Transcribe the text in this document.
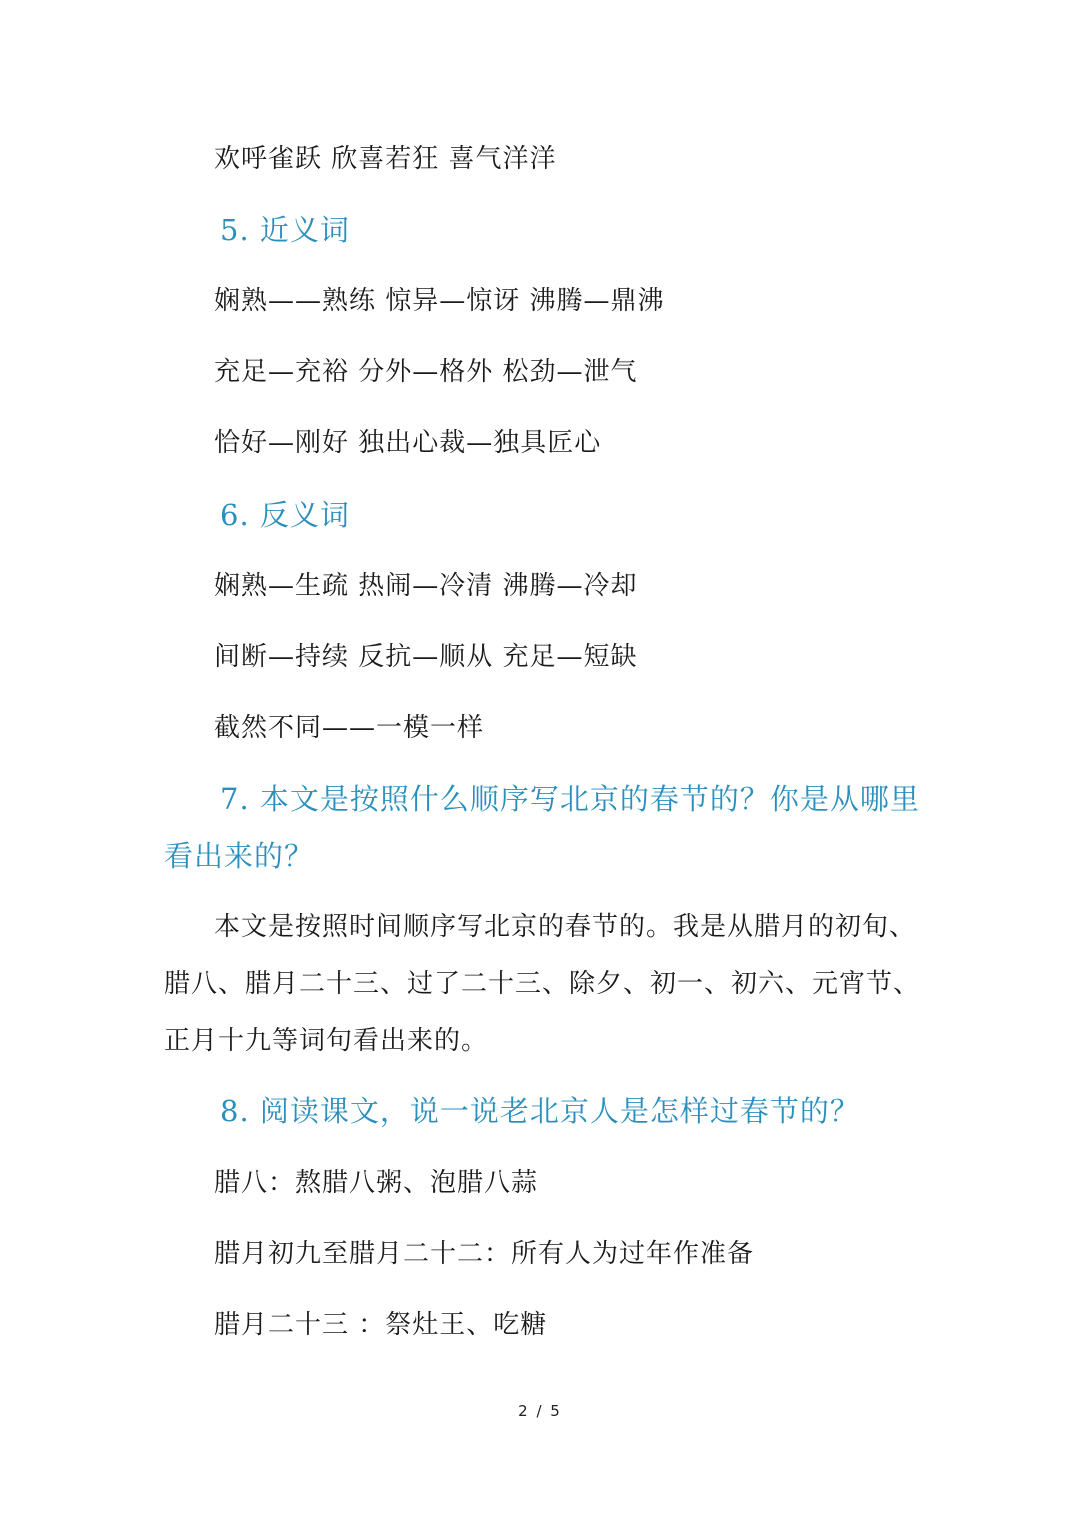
欢呼雀跃 欣喜若狂 喜气洋洋
5. 近义词
娴熟——熟练 惊异—惊讶 沸腾—鼎沸
充足—充裕 分外—格外 松劲—泄气
恰好—刚好 独出心裁—独具匠心
6. 反义词
娴熟—生疏 热闹—冷清 沸腾—冷却
间断—持续 反抗—顺从 充足—短缺
截然不同——一模一样
7. 本文是按照什么顺序写北京的春节的？你是从哪里看出来的？
本文是按照时间顺序写北京的春节的。我是从腊月的初旬、腊八、腊月二十三、过了二十三、除夕、初一、初六、元宵节、正月十九等词句看出来的。
8. 阅读课文，说一说老北京人是怎样过春节的？
腊八：熬腊八粥、泡腊八蒜
腊月初九至腊月二十二：所有人为过年作准备
腊月二十三 ：祭灶王、吃糖
2 / 5
